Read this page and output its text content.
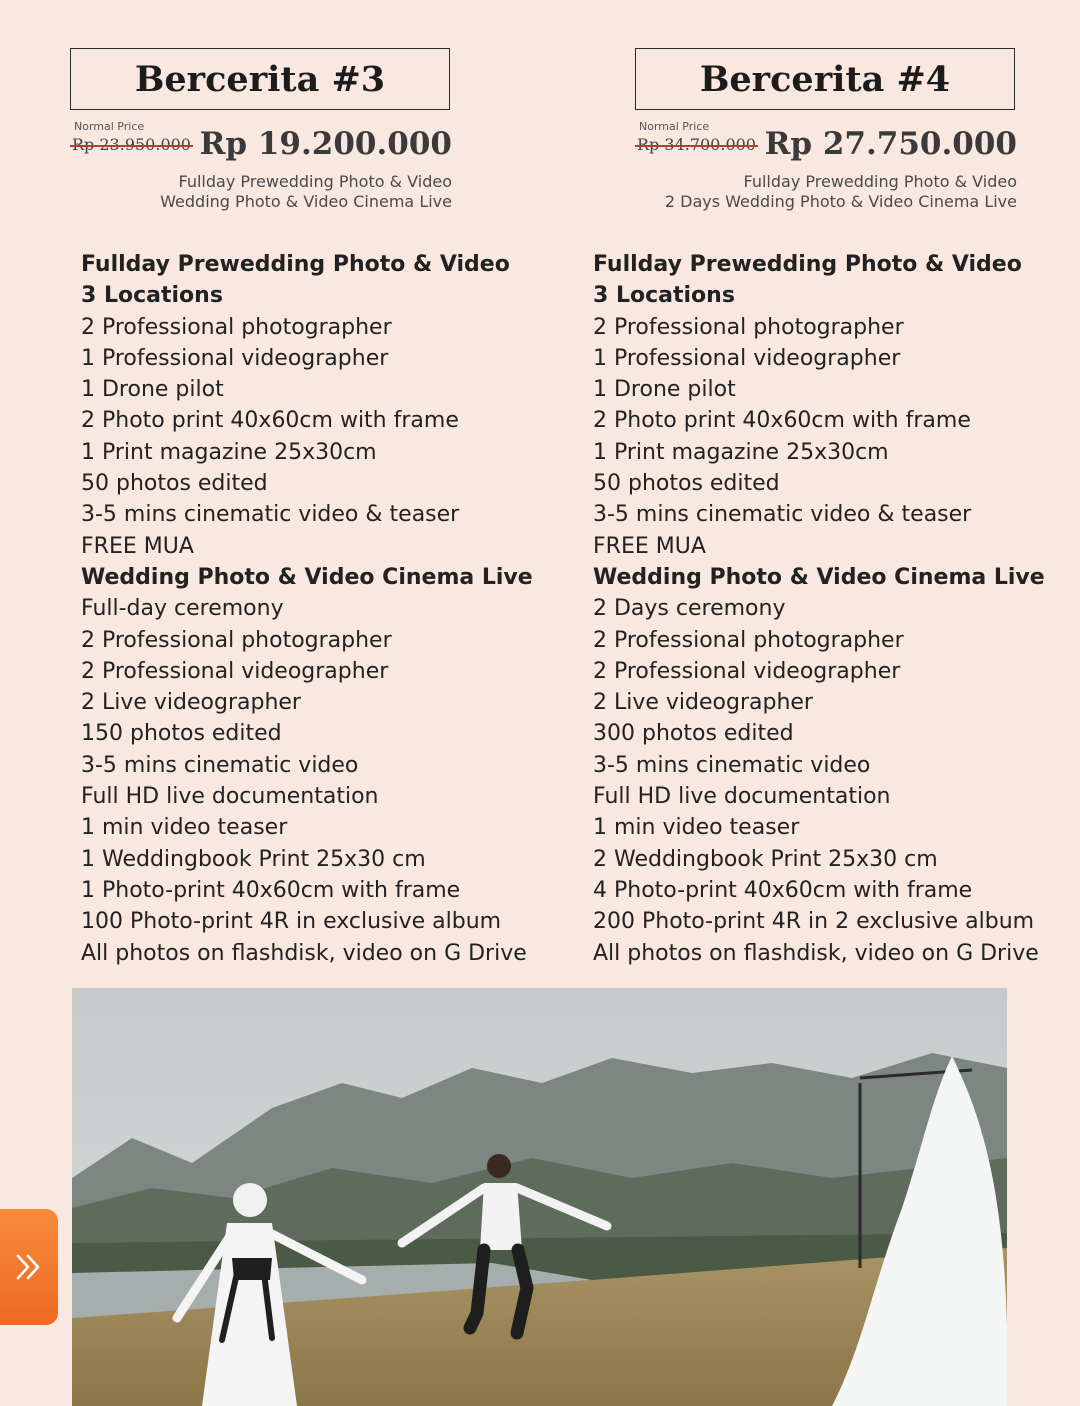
Bercerita #3
Normal Price
Rp 23.950.000 Rp 19.200.000
Fullday Prewedding Photo & Video
Wedding Photo & Video Cinema Live
Bercerita #4
Normal Price
Rp 34.700.000 Rp 27.750.000
Fullday Prewedding Photo & Video
2 Days Wedding Photo & Video Cinema Live
Fullday Prewedding Photo & Video
3 Locations
2 Professional photographer
1 Professional videographer
1 Drone pilot
2 Photo print 40x60cm with frame
1 Print magazine 25x30cm
50 photos edited
3-5 mins cinematic video & teaser
FREE MUA
Wedding Photo & Video Cinema Live
Full-day ceremony
2 Professional photographer
2 Professional videographer
2 Live videographer
150 photos edited
3-5 mins cinematic video
Full HD live documentation
1 min video teaser
1 Weddingbook Print 25x30 cm
1 Photo-print 40x60cm with frame
100 Photo-print 4R in exclusive album
All photos on flashdisk, video on G Drive
Fullday Prewedding Photo & Video
3 Locations
2 Professional photographer
1 Professional videographer
1 Drone pilot
2 Photo print 40x60cm with frame
1 Print magazine 25x30cm
50 photos edited
3-5 mins cinematic video & teaser
FREE MUA
Wedding Photo & Video Cinema Live
2 Days ceremony
2 Professional photographer
2 Professional videographer
2 Live videographer
300 photos edited
3-5 mins cinematic video
Full HD live documentation
1 min video teaser
2 Weddingbook Print 25x30 cm
4 Photo-print 40x60cm with frame
200 Photo-print 4R in 2 exclusive album
All photos on flashdisk, video on G Drive
